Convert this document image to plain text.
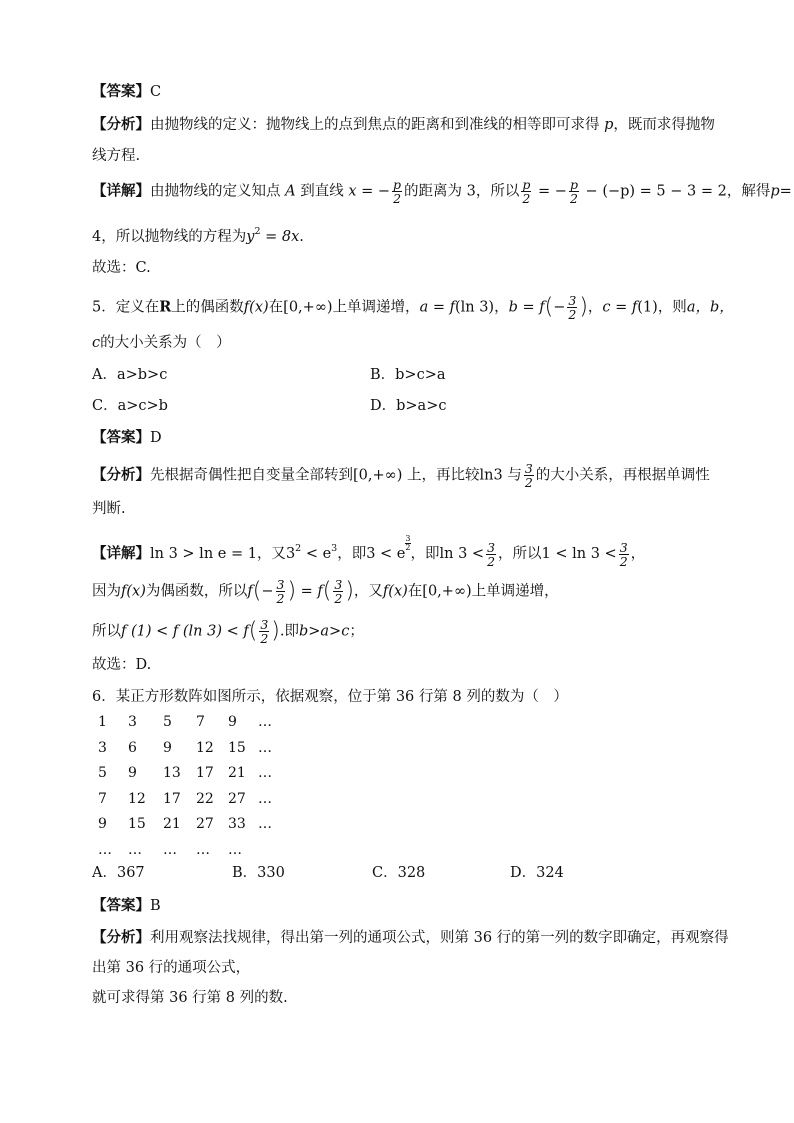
【答案】C
【分析】由抛物线的定义：抛物线上的点到焦点的距离和到准线的相等即可求得 p，既而求得抛物
线方程.
【详解】由抛物线的定义知点 A 到直线 x = − $\frac{p}{2}$ 的距离为 3，所以 $\frac{p}{2}$ = − $\frac{p}{2} - (-p) = 5 - 3 = 2$，解得p=
4，所以抛物线的方程为$y^2 = 8x$.
故选：C.
5．定义在R上的偶函数f(x)在[0,+∞)上单调递增，a = f(ln 3)，$b = f(- \frac{3}{2}$ )，c = f(1)，则a，b，
c的大小关系为（　）
A．a>b>c	B．b>c>a
C．a>c>b	D．b>a>c
【答案】D
【分析】先根据奇偶性把自变量全部转到[0,+∞) 上，再比较ln3 与 $\frac{3}{2}$ 的大小关系，再根据单调性
判断.
【详解】ln 3 > ln e = 1，又$3^2 < e^3$，即3 < e
$\frac{3}{2}$
，即$\ln 3 < \frac{3}{2}$ ，所以$1 < \ln 3 < \frac{3}{2}$ ，
因为f(x)为偶函数，所以$f(- \frac{3}{2}$ ) = $f( \frac{3}{2}$ )，又f(x)在[0,+∞)上单调递增，
所以f (1) < f (ln $3) < f( \frac{3}{2}$ ).即b>a>c；
故选：D.
6．某正方形数阵如图所示，依据观察，位于第 36 行第 8 列的数为（　）
1 3 5 7 9 …
3 6 9 12 15 …
5 9 13 17 21 …
7 12 17 22 27 …
9 15 21 27 33 …
… … … … …
A．367	B．330	C．328	D．324
【答案】B
【分析】利用观察法找规律，得出第一列的通项公式，则第 36 行的第一列的数字即确定，再观察得
出第 36 行的通项公式，
就可求得第 36 行第 8 列的数.
